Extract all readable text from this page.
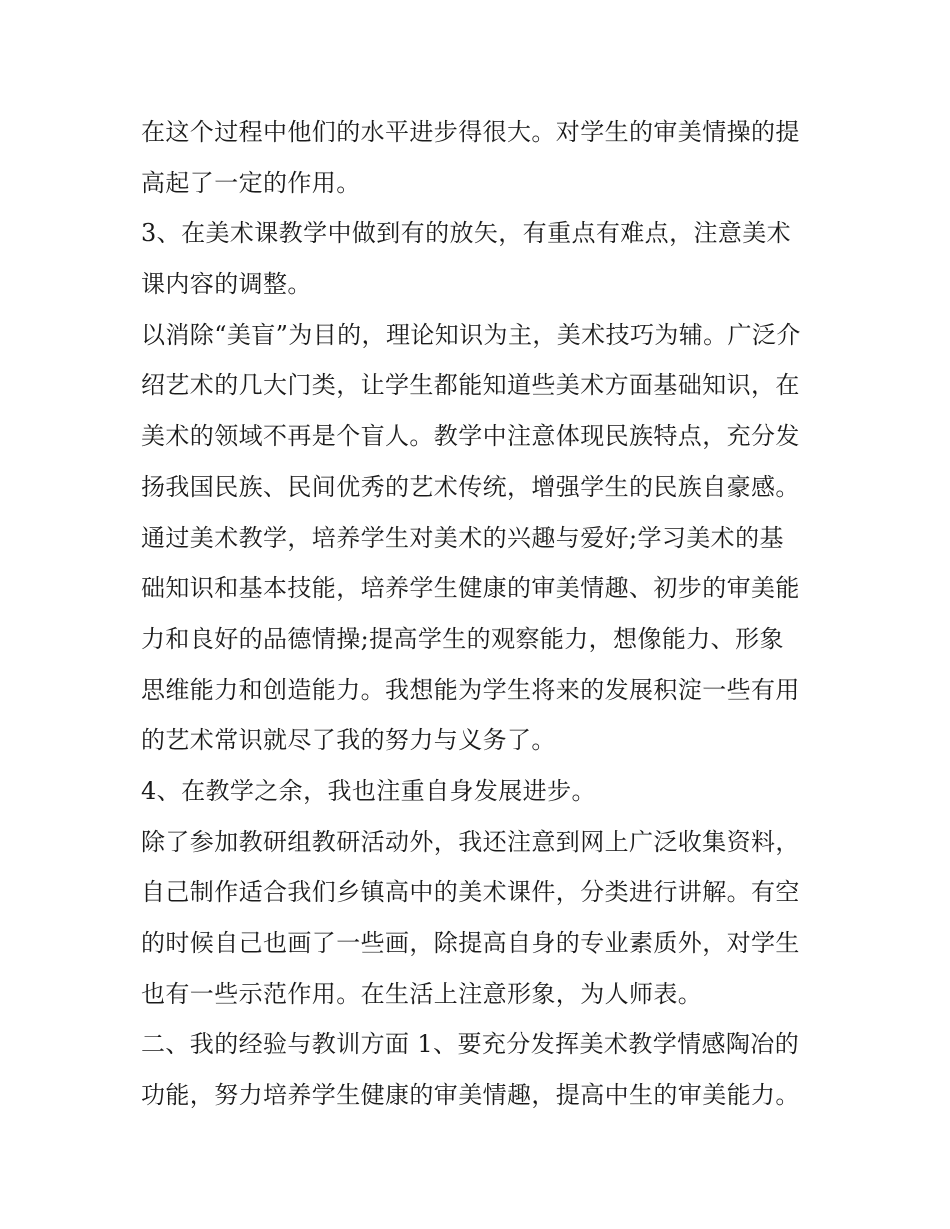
在这个过程中他们的水平进步得很大。对学生的审美情操的提
高起了一定的作用。
3、在美术课教学中做到有的放矢，有重点有难点，注意美术
课内容的调整。
以消除“美盲”为目的，理论知识为主，美术技巧为辅。广泛介
绍艺术的几大门类，让学生都能知道些美术方面基础知识，在
美术的领域不再是个盲人。教学中注意体现民族特点，充分发
扬我国民族、民间优秀的艺术传统，增强学生的民族自豪感。
通过美术教学，培养学生对美术的兴趣与爱好;学习美术的基
础知识和基本技能，培养学生健康的审美情趣、初步的审美能
力和良好的品德情操;提高学生的观察能力，想像能力、形象
思维能力和创造能力。我想能为学生将来的发展积淀一些有用
的艺术常识就尽了我的努力与义务了。
4、在教学之余，我也注重自身发展进步。
除了参加教研组教研活动外，我还注意到网上广泛收集资料，
自己制作适合我们乡镇高中的美术课件，分类进行讲解。有空
的时候自己也画了一些画，除提高自身的专业素质外，对学生
也有一些示范作用。在生活上注意形象，为人师表。
二、我的经验与教训方面 1、要充分发挥美术教学情感陶冶的
功能，努力培养学生健康的审美情趣，提高中生的审美能力。
